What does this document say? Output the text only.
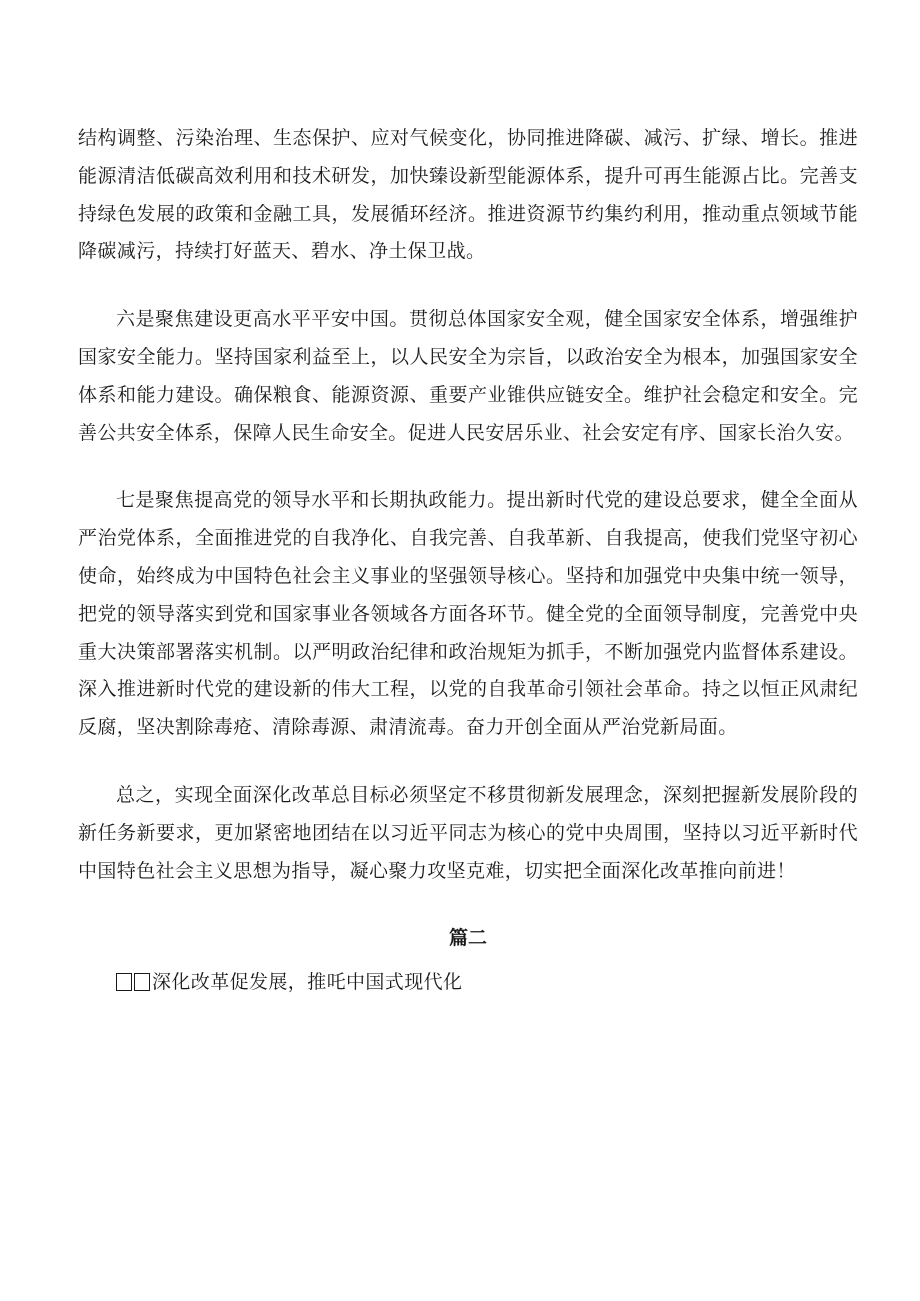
结构调整、污染治理、生态保护、应对气候变化，协同推进降碳、减污、扩绿、增长。推进能源清洁低碳高效利用和技术研发，加快臻设新型能源体系，提升可再生能源占比。完善支持绿色发展的政策和金融工具，发展循环经济。推进资源节约集约利用，推动重点领域节能降碳减污，持续打好蓝天、碧水、净土保卫战。

六是聚焦建设更高水平平安中国。贯彻总体国家安全观，健全国家安全体系，增强维护国家安全能力。坚持国家利益至上，以人民安全为宗旨，以政治安全为根本，加强国家安全体系和能力建设。确保粮食、能源资源、重要产业锥供应链安全。维护社会稳定和安全。完善公共安全体系，保障人民生命安全。促进人民安居乐业、社会安定有序、国家长治久安。

七是聚焦提高党的领导水平和长期执政能力。提出新时代党的建设总要求，健全全面从严治党体系，全面推进党的自我净化、自我完善、自我革新、自我提高，使我们党坚守初心使命，始终成为中国特色社会主义事业的坚强领导核心。坚持和加强党中央集中统一领导，把党的领导落实到党和国家事业各领域各方面各环节。健全党的全面领导制度，完善党中央重大决策部署落实机制。以严明政治纪律和政治规矩为抓手，不断加强党内监督体系建设。深入推进新时代党的建设新的伟大工程，以党的自我革命引领社会革命。持之以恒正风肃纪反腐，坚决割除毒疮、清除毒源、肃清流毒。奋力开创全面从严治党新局面。

总之，实现全面深化改革总目标必须坚定不移贯彻新发展理念，深刻把握新发展阶段的新任务新要求，更加紧密地团结在以习近平同志为核心的党中央周围，坚持以习近平新时代中国特色社会主义思想为指导，凝心聚力攻坚克难，切实把全面深化改革推向前进！

篇二

深化改革促发展，推吒中国式现代化
